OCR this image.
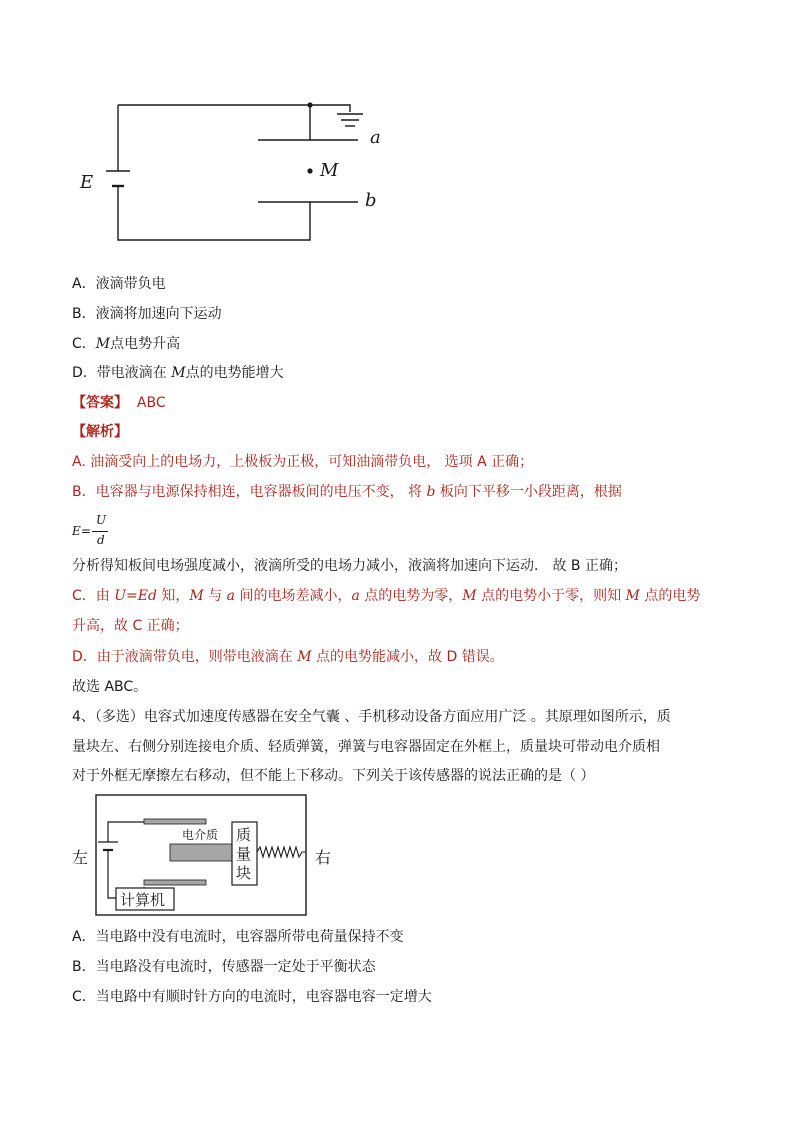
E
a
M
b
A．液滴带负电
B．液滴将加速向下运动
C．M点电势升高
D．带电液滴在 M点的电势能增大
【答案】 ABC
【解析】
A. 油滴受向上的电场力，上极板为正极，可知油滴带负电， 选项 A 正确；
B．电容器与电源保持相连，电容器板间的电压不变， 将 b 板向下平移一小段距离，根据
E =
U
d
分析得知板间电场强度减小，液滴所受的电场力减小，液滴将加速向下运动． 故 B 正确；
C．由 U=Ed 知，M 与 a 间的电场差减小，a 点的电势为零，M 点的电势小于零，则知 M 点的电势
升高，故 C 正确；
D．由于液滴带负电，则带电液滴在 M 点的电势能减小，故 D 错误。
故选 ABC。
4、（多选）电容式加速度传感器在安全气囊 、手机移动设备方面应用广泛 。其原理如图所示，质
量块左、右侧分别连接电介质、轻质弹簧，弹簧与电容器固定在外框上，质量块可带动电介质相
对于外框无摩擦左右移动，但不能上下移动。下列关于该传感器的说法正确的是（ ）
电介质 质
量
块
计算机
左	右
A．当电路中没有电流时，电容器所带电荷量保持不变
B．当电路没有电流时，传感器一定处于平衡状态
C．当电路中有顺时针方向的电流时，电容器电容一定增大
